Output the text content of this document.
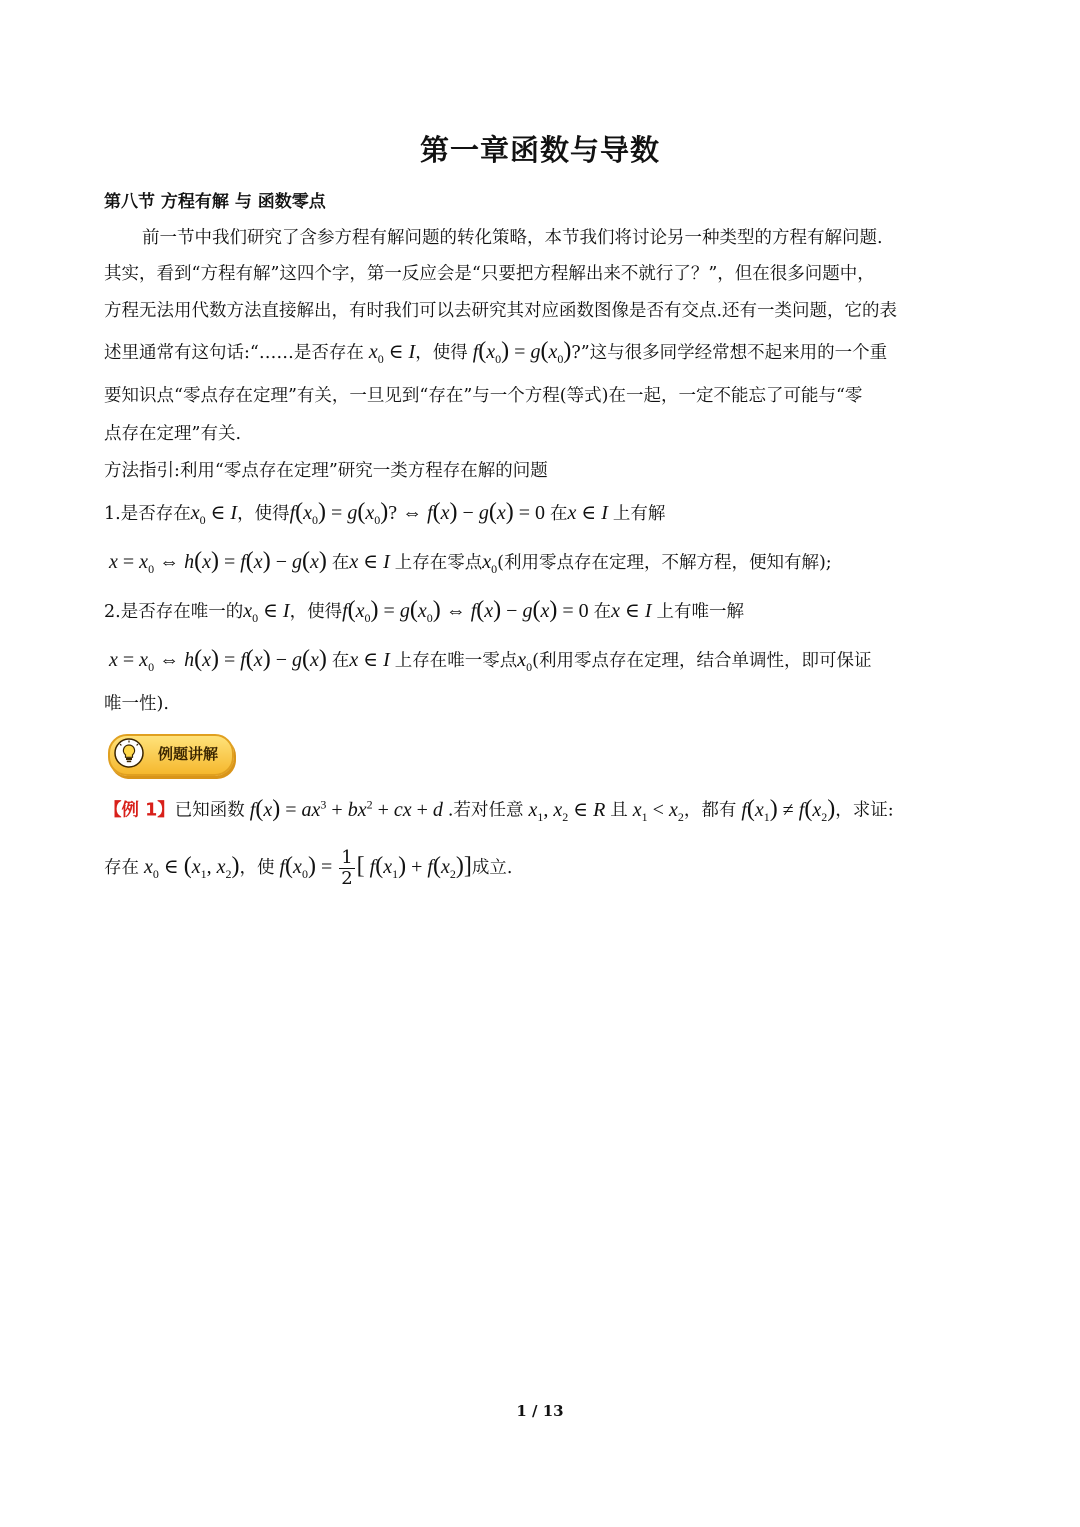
第一章函数与导数
第八节 方程有解 与 函数零点
前一节中我们研究了含参方程有解问题的转化策略，本节我们将讨论另一种类型的方程有解问题.
其实，看到“方程有解”这四个字，第一反应会是“只要把方程解出来不就行了？”，但在很多问题中，
方程无法用代数方法直接解出，有时我们可以去研究其对应函数图像是否有交点.还有一类问题，它的表
述里通常有这句话:“……是否存在 $x_0$ ∈ I，使得 $f(x_0) = g(x_0)$?”这与很多同学经常想不起来用的一个重
要知识点“零点存在定理”有关，一旦见到“存在”与一个方程(等式)在一起，一定不能忘了可能与“零
点存在定理”有关.
方法指引:利用“零点存在定理”研究一类方程存在解的问题
1.是否存在$x_0$ ∈ I，使得$f(x_0) = g(x_0)$? ⇔ f(x) − g(x) = 0 在x ∈ I 上有解
$x = x_0$ ⇔ h(x) = f(x) − g(x) 在x ∈ I 上存在零点$x_0$(利用零点存在定理，不解方程，便知有解);
2.是否存在唯一的$x_0$ ∈ I，使得$f(x_0) = g(x_0)$ ⇔ f(x) − g(x) = 0 在x ∈ I 上有唯一解
$x = x_0$ ⇔ h(x) = f(x) − g(x) 在x ∈ I 上存在唯一零点$x_0$(利用零点存在定理，结合单调性，即可保证
唯一性).
例题讲解
【例 1】已知函数 $f(x) = ax^3 + bx^2$ + cx + d .若对任意 $x_1$, $x_2$ ∈ R 且 $x_1 < x_2$，都有 $f(x_1) \ne f(x_2)$，求证:
存在 $x_0$ ∈ ($x_1$, $x_2$)，使 $f(x_0) = \frac{1}{2}$ [ $f(x_1) + f(x_2)$]成立.
1 / 13
